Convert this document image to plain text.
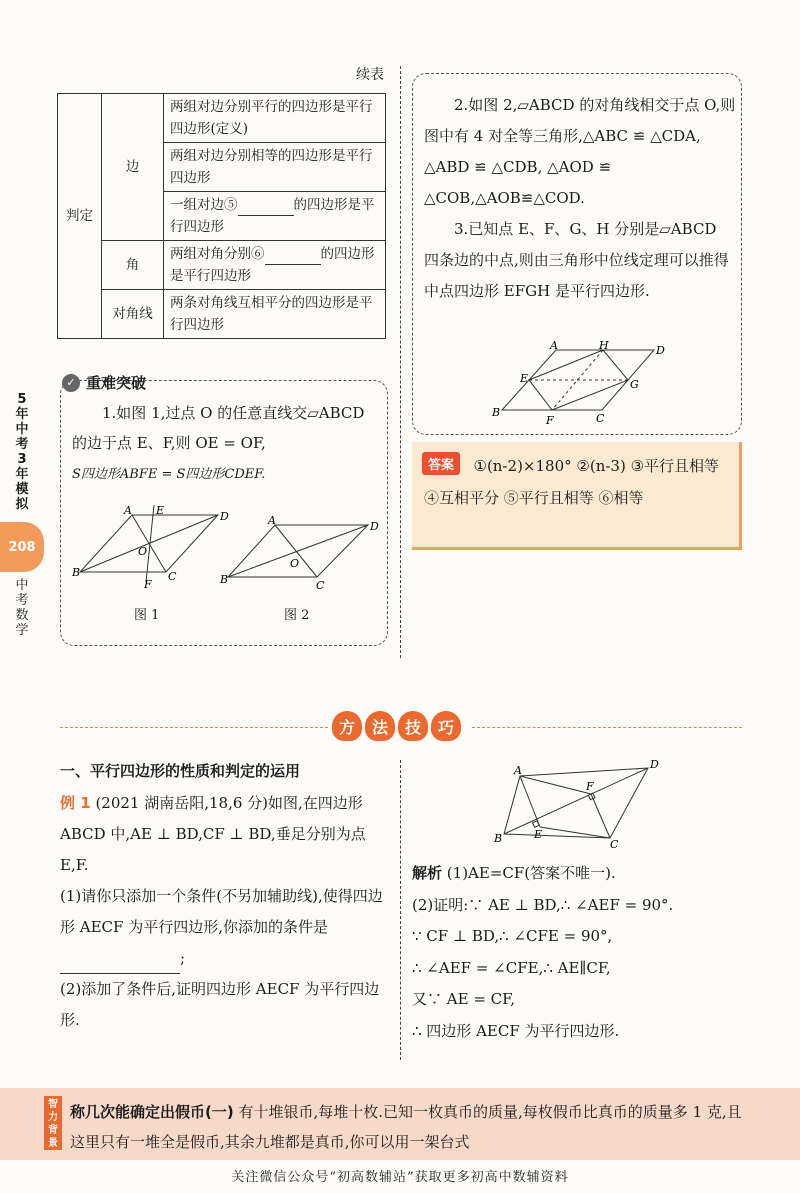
5年中考3年模拟
208
中考数学
续表
判定	边	两组对边分别平行的四边形是平行四边形(定义)
		两组对边分别相等的四边形是平行四边形
		一组对边⑤ 的四边形是平行四边形
	角	两组对角分别⑥ 的四边形是平行四边形
	对角线	两条对角线互相平分的四边形是平行四边形
✓ 重难突破
1.如图 1,过点 O 的任意直线交▱ABCD 的边于点 E、F,则 OE = OF,
S四边形ABFE = S四边形CDEF.
A	D
B	C
E
F
O
图 1
A	D
B	C
O
图 2
2.如图 2,▱ABCD 的对角线相交于点 O,则图中有 4 对全等三角形,△ABC ≌ △CDA, △ABD ≌ △CDB, △AOD ≌ △COB,△AOB≌△COD.
3.已知点 E、F、G、H 分别是▱ABCD 四条边的中点,则由三角形中位线定理可以推得中点四边形 EFGH 是平行四边形.
A	H	D
E	G
B
F	C
①(n-2)×180° ②(n-3) ③平行且相等 ④互相平分 ⑤平行且相等 ⑥相等
答案
方	法	技	巧
一、平行四边形的性质和判定的运用
例 1 (2021 湖南岳阳,18,6 分)如图,在四边形 ABCD 中,AE ⊥ BD,CF ⊥ BD,垂足分别为点 E,F.
(1)请你只添加一个条件(不另加辅助线),使得四边形 AECF 为平行四边形,你添加的条件是;
(2)添加了条件后,证明四边形 AECF 为平行四边形.
A	D
B	C
F
E
解析 (1)AE=CF(答案不唯一).
(2)证明:∵ AE ⊥ BD,∴ ∠AEF = 90°.
∵ CF ⊥ BD,∴ ∠CFE = 90°,
∴ ∠AEF = ∠CFE,∴ AE∥CF,
又∵ AE = CF,
∴ 四边形 AECF 为平行四边形.
智力背景
称几次能确定出假币(一) 有十堆银币,每堆十枚.已知一枚真币的质量,每枚假币比真币的质量多 1 克,且这里只有一堆全是假币,其余九堆都是真币,你可以用一架台式
关注微信公众号“初高数辅站”获取更多初高中数辅资料
